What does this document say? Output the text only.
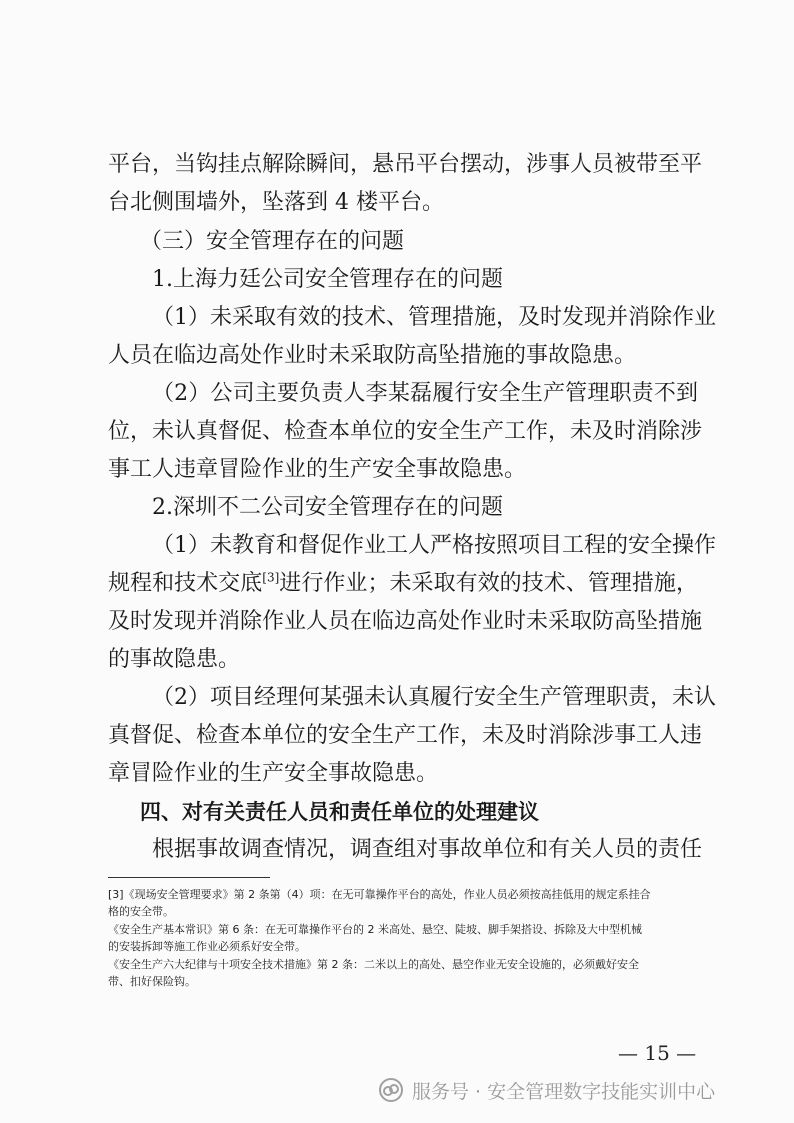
平台，当钩挂点解除瞬间，悬吊平台摆动，涉事人员被带至平
台北侧围墙外，坠落到 4 楼平台。
（三）安全管理存在的问题
1.上海力廷公司安全管理存在的问题
（1）未采取有效的技术、管理措施，及时发现并消除作业
人员在临边高处作业时未采取防高坠措施的事故隐患。
（2）公司主要负责人李某磊履行安全生产管理职责不到
位，未认真督促、检查本单位的安全生产工作，未及时消除涉
事工人违章冒险作业的生产安全事故隐患。
2.深圳不二公司安全管理存在的问题
（1）未教育和督促作业工人严格按照项目工程的安全操作
规程和技术交底[3]进行作业；未采取有效的技术、管理措施，
及时发现并消除作业人员在临边高处作业时未采取防高坠措施
的事故隐患。
（2）项目经理何某强未认真履行安全生产管理职责，未认
真督促、检查本单位的安全生产工作，未及时消除涉事工人违
章冒险作业的生产安全事故隐患。
四、对有关责任人员和责任单位的处理建议
根据事故调查情况，调查组对事故单位和有关人员的责任
[3]《现场安全管理要求》第 2 条第（4）项：在无可靠操作平台的高处，作业人员必须按高挂低用的规定系挂合
格的安全带。
《安全生产基本常识》第 6 条：在无可靠操作平台的 2 米高处、悬空、陡坡、脚手架搭设、拆除及大中型机械
的安装拆卸等施工作业必须系好安全带。
《安全生产六大纪律与十项安全技术措施》第 2 条：二米以上的高处、悬空作业无安全设施的，必须戴好安全
带、扣好保险钩。
— 15 —
服务号 · 安全管理数字技能实训中心
